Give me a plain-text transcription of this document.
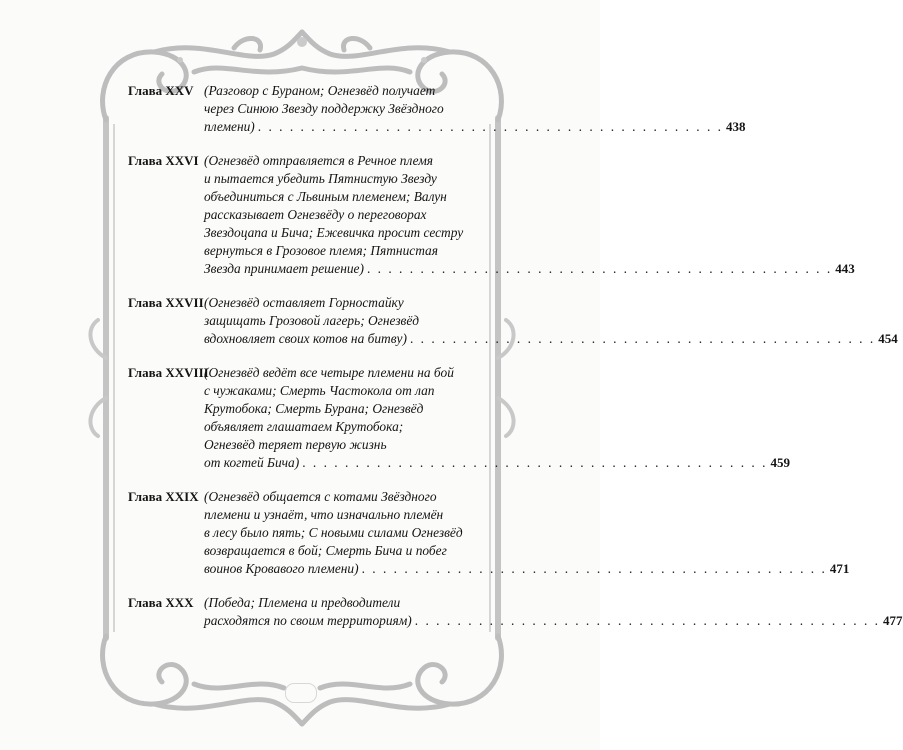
Глава XXV (Разговор с Бураном; Огнезвёд получает
через Синюю Звезду поддержку Звёздного
племени) . . .	438
Глава XXVI (Огнезвёд отправляется в Речное племя
и пытается убедить Пятнистую Звезду
объединиться с Львиным племенем; Валун
рассказывает Огнезвёду о переговорах
Звездоцапа и Бича; Ежевичка просит сестру
вернуться в Грозовое племя; Пятнистая
Звезда принимает решение) . . .	443
Глава XXVII (Огнезвёд оставляет Горностайку
защищать Грозовой лагерь; Огнезвёд
вдохновляет своих котов на битву) . . .	454
Глава XXVIII
(Огнезвёд ведёт все четыре племени на бой
с чужаками; Смерть Частокола от лап
Крутобока; Смерть Бурана; Огнезвёд
объявляет глашатаем Крутобока;
Огнезвёд теряет первую жизнь
от когтей Бича) . . .	459
Глава XXIX (Огнезвёд общается с котами Звёздного
племени и узнаёт, что изначально племён
в лесу было пять; С новыми силами Огнезвёд
возвращается в бой; Смерть Бича и побег
воинов Кровавого племени) . . .	471
Глава XXX (Победа; Племена и предводители
расходятся по своим территориям) . . .	477
